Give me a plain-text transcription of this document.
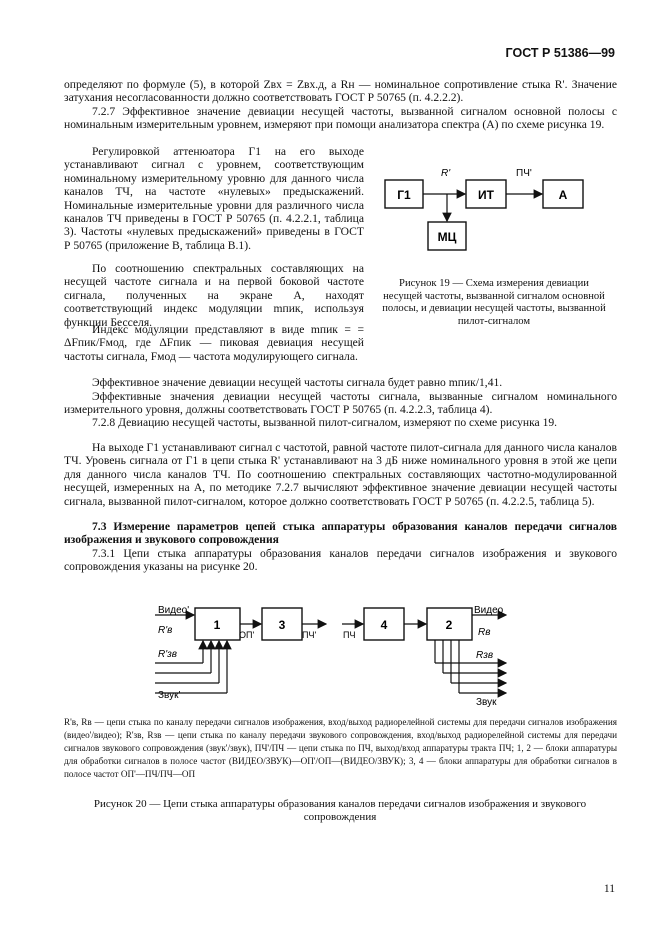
ГОСТ Р 51386—99
определяют по формуле (5), в которой Zвх = Zвх.д, а Rн — номинальное сопротивление стыка R'. Значение затухания несогласованности должно соответствовать ГОСТ Р 50765 (п. 4.2.2.2).
7.2.7 Эффективное значение девиации несущей частоты, вызванной сигналом основной полосы с номинальным измерительным уровнем, измеряют при помощи анализатора спектра (А) по схеме рисунка 19.
Регулировкой аттенюатора Г1 на его выходе устанавливают сигнал с уровнем, соответствующим номинальному измерительному уровню для данного числа каналов ТЧ, на частоте «нулевых» предыскажений. Номинальные измерительные уровни для различного числа каналов ТЧ приведены в ГОСТ Р 50765 (п. 4.2.2.1, таблица 3). Частоты «нулевых предыскажений» приведены в ГОСТ Р 50765 (приложение В, таблица В.1).
По соотношению спектральных составляющих на несущей частоте сигнала и на первой боковой частоте сигнала, полученных на экране А, находят соответствующий индекс модуляции mпик, используя функции Бесселя.
Индекс модуляции представляют в виде mпик = = ΔFпик/Fмод, где ΔFпик — пиковая девиация несущей частоты сигнала, Fмод — частота модулирующего сигнала.
Г1	ИТ	А
МЦ
R'	ПЧ'
Рисунок 19 — Схема измерения девиации несущей частоты, вызванной сигналом основной полосы, и девиации несущей частоты, вызванной пилот-сигналом
Эффективное значение девиации несущей частоты сигнала будет равно mпик/1,41.
Эффективные значения девиации несущей частоты сигнала, вызванные сигналом номинального измерительного уровня, должны соответствовать ГОСТ Р 50765 (п. 4.2.2.3, таблица 4).
7.2.8 Девиацию несущей частоты, вызванной пилот-сигналом, измеряют по схеме рисунка 19.
На выходе Г1 устанавливают сигнал с частотой, равной частоте пилот-сигнала для данного числа каналов ТЧ. Уровень сигнала от Г1 в цепи стыка R' устанавливают на 3 дБ ниже номинального уровня в этой же цепи для данного числа каналов ТЧ. По соотношению спектральных составляющих частотно-модулированной несущей, измеренных на А, по методике 7.2.7 вычисляют эффективное значение девиации несущей частоты сигнала, вызванной пилот-сигналом, которое должно соответствовать ГОСТ Р 50765 (п. 4.2.2.5, таблица 5).
7.3 Измерение параметров цепей стыка аппаратуры образования каналов передачи сигналов изображения и звукового сопровождения
7.3.1 Цепи стыка аппаратуры образования каналов передачи сигналов изображения и звукового сопровождения указаны на рисунке 20.
1
Видео'
R'в
R'зв
Звук'
3
ОП'	ПЧ'	ПЧ
4	2
Видео
Rв
Rзв
Звук
R'в, Rв — цепи стыка по каналу передачи сигналов изображения, вход/выход радиорелейной системы для передачи сигналов изображения (видео'/видео); R'зв, Rзв — цепи стыка по каналу передачи звукового сопровождения, вход/выход радиорелейной системы для передачи сигналов звукового сопровождения (звук'/звук), ПЧ'/ПЧ — цепи стыка по ПЧ, выход/вход аппаратуры тракта ПЧ; 1, 2 — блоки аппаратуры для обработки сигналов в полосе частот (ВИДЕО/ЗВУК)—ОП'/ОП—(ВИДЕО/ЗВУК); 3, 4 — блоки аппаратуры для обработки сигналов в полосе частот ОП'—ПЧ/ПЧ—ОП
Рисунок 20 — Цепи стыка аппаратуры образования каналов передачи сигналов изображения и звукового сопровождения
11
